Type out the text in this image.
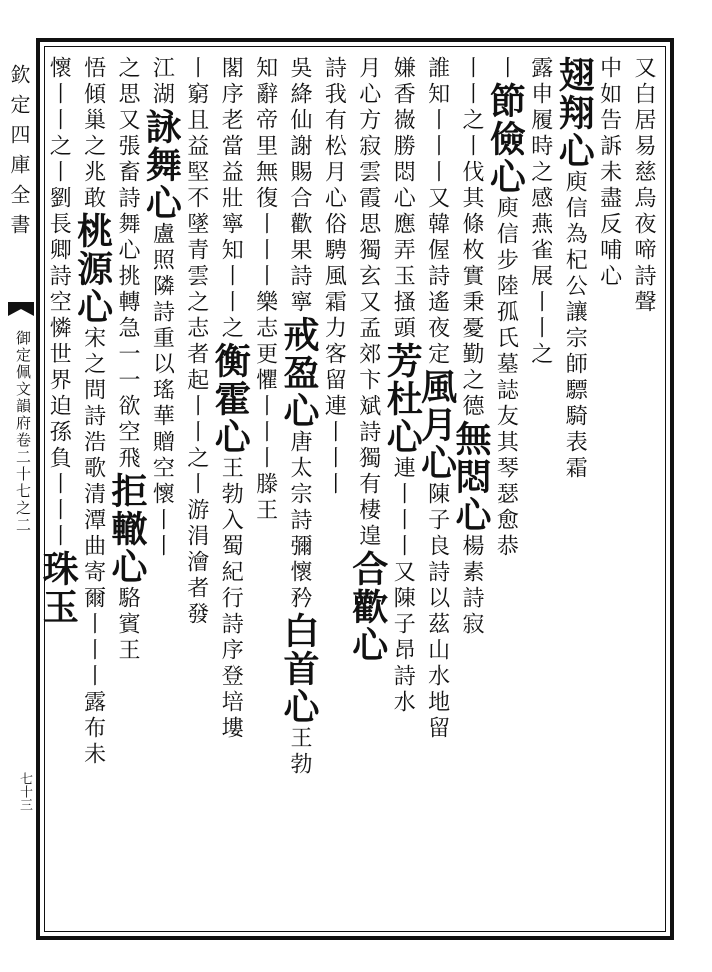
欽定四庫全書
御定佩文韻府卷二十七之二
七十三
又白居易慈烏夜啼詩聲
中如告訴未盡反哺心
翅翔心庾信為杞公讓宗師驃騎表霜
露申履時之感燕雀展丨丨之
丨節儉心庾信步陸孤氏墓誌友其琴瑟愈恭
丨丨之丨伐其條枚實秉憂勤之德無悶心楊素詩寂
誰知丨丨丨又韓偓詩遙夜定風月心陳子良詩以茲山水地留
嫌香嶶勝悶心應弄玉搔頭芳杜心連丨丨丨又陳子昂詩水
月心方寂雲霞思獨玄又孟郊卞斌詩獨有棲遑合歡心
詩我有松月心俗騁風霜力客留連丨丨丨
吳絳仙謝賜合歡果詩寧戒盈心唐太宗詩彌懷矜白首心王勃
知辭帝里無復丨丨丨樂志更懼丨丨丨滕王
閣序老當益壯寧知丨丨之衡霍心王勃入蜀紀行詩序登培塿
丨窮且益堅不墜青雲之志者起丨丨之丨游涓澮者發
江湖詠舞心盧照隣詩重以瑤華贈空懷丨丨
之思又張畜詩舞心挑轉急一一欲空飛拒轍心駱賓王
悟傾巢之兆敢桃源心宋之問詩浩歌清潭曲寄爾丨丨丨露布未
懷丨丨之丨劉長卿詩空憐世界迫孫負丨丨丨珠玉
